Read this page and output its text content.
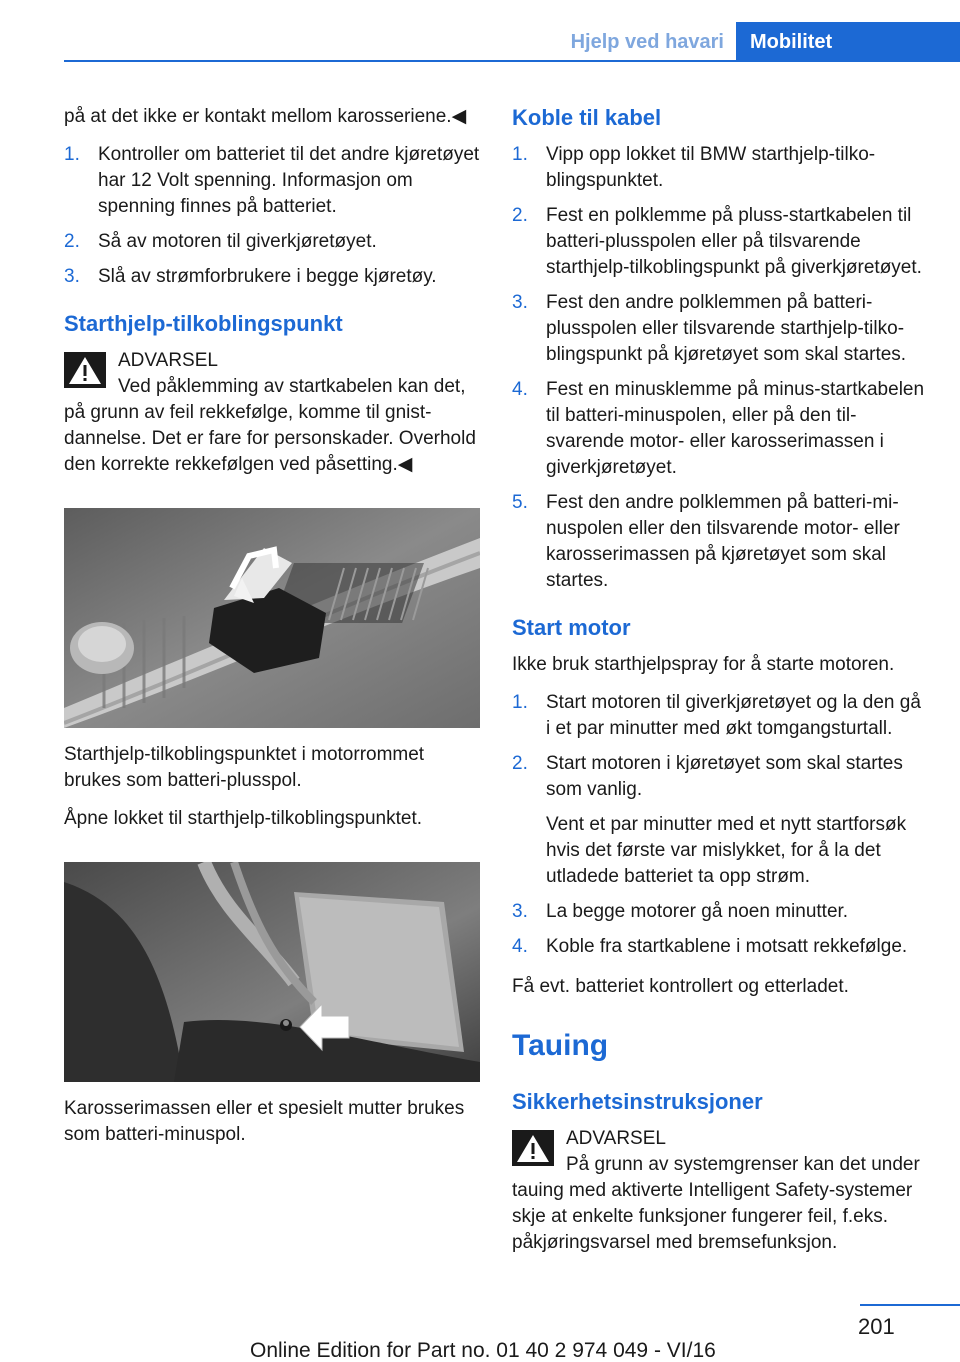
Hjelp ved havari	Mobilitet

på at det ikke er kontakt mellom karosseriene.◀

1. Kontroller om batteriet til det andre kjøretøyet har 12 Volt spenning. Informasjon om spenning finnes på batteriet.
2. Så av motoren til giverkjøretøyet.
3. Slå av strømforbrukere i begge kjøretøy.
Starthjelp-tilkoblingspunkt
ADVARSEL
Ved påklemming av startkabelen kan det, på grunn av feil rekkefølge, komme til gnistdannelse. Det er fare for personskader. Overhold den korrekte rekkefølgen ved påsetting.◀

Starthjelp-tilkoblingspunktet i motorrommet brukes som batteri-plusspol.

Åpne lokket til starthjelp-tilkoblingspunktet.

Karosserimassen eller et spesielt mutter brukes som batteri-minuspol.

Koble til kabel
1. Vipp opp lokket til BMW starthjelp-tilkoblingspunktet.
2. Fest en polklemme på pluss-startkabelen til batteri-plusspolen eller på tilsvarende starthjelp-tilkoblingspunkt på giverkjøretøyet.
3. Fest den andre polklemmen på batteri-plusspolen eller tilsvarende starthjelp-tilkoblingspunkt på kjøretøyet som skal startes.
4. Fest en minusklemme på minus-startkabelen til batteri-minuspolen, eller på den tilsvarende motor- eller karosserimassen i giverkjøretøyet.
5. Fest den andre polklemmen på batteri-minuspolen eller den tilsvarende motor- eller karosserimassen på kjøretøyet som skal startes.
Start motor

Ikke bruk starthjelpspray for å starte motoren.

1. Start motoren til giverkjøretøyet og la den gå i et par minutter med økt tomgangsturtall.
2. Start motoren i kjøretøyet som skal startes som vanlig.
Vent et par minutter med et nytt startforsøk hvis det første var mislykket, for å la det utladede batteriet ta opp strøm.
3. La begge motorer gå noen minutter.
4. Koble fra startkablene i motsatt rekkefølge.

Få evt. batteriet kontrollert og etterladet.

Tauing
Sikkerhetsinstruksjoner
ADVARSEL
På grunn av systemgrenser kan det under tauing med aktiverte Intelligent Safety-systemer skje at enkelte funksjoner fungerer feil, f.eks. påkjøringsvarsel med bremsefunksjon.
201
Online Edition for Part no. 01 40 2 974 049 - VI/16
